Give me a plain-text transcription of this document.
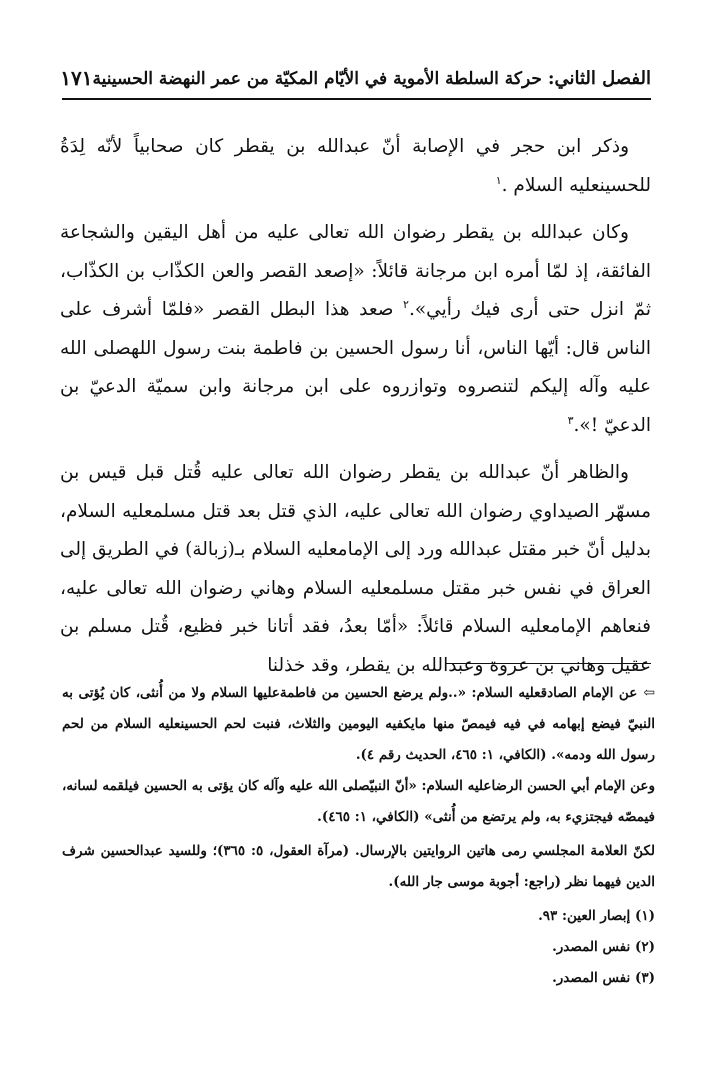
الفصل الثاني: حركة السلطة الأموية في الأيّام المكيّة من عمر النهضة الحسينية
١٧١

وذكر ابن حجر في الإصابة أنّ عبدالله بن يقطر كان صحابياً لأنّه لِدَةُ للحسينعليه السلام .$^١$

وكان عبدالله بن يقطر رضوان الله تعالى عليه من أهل اليقين والشجاعة الفائقة، إذ لمّا أمره ابن مرجانة قائلاً: «إصعد القصر والعن الكذّاب بن الكذّاب، ثمّ انزل حتى أرى فيك رأيي».$^٢$ صعد هذا البطل القصر «فلمّا أشرف على الناس قال: أيّها الناس، أنا رسول الحسين بن فاطمة بنت رسول اللهصلى الله عليه وآله إليكم لتنصروه وتوازروه على ابن مرجانة وابن سميّة الدعيّ بن الدعيّ !».$^٣$

والظاهر أنّ عبدالله بن يقطر رضوان الله تعالى عليه قُتل قبل قيس بن مسهّر الصيداوي رضوان الله تعالى عليه، الذي قتل بعد قتل مسلمعليه السلام، بدليل أنّ خبر مقتل عبدالله ورد إلى الإمامعليه السلام بـ(زبالة) في الطريق إلى العراق في نفس خبر مقتل مسلمعليه السلام وهاني رضوان الله تعالى عليه، فنعاهم الإمامعليه السلام قائلاً: «أمّا بعدُ، فقد أتانا خبر فظيع، قُتل مسلم بن عقيل وهاني بن عروة وعبدالله بن يقطر، وقد خذلنا

⇦عن الإمام الصادقعليه السلام: «..ولم يرضع الحسين من فاطمةعليها السلام ولا من أُنثى، كان يُؤتى به النبيّ فيضع إبهامه في فيه فيمصّ منها مايكفيه اليومين والثلاث، فنبت لحم الحسينعليه السلام من لحم رسول الله ودمه». (الكافي، ١: ٤٦٥، الحديث رقم ٤).

وعن الإمام أبي الحسن الرضاعليه السلام: «أنّ النبيّصلى الله عليه وآله كان يؤتى به الحسين فيلقمه لسانه، فيمصّه فيجتزيء به، ولم يرتضع من أُنثى» (الكافي، ١: ٤٦٥).

لكنّ العلامة المجلسي رمى هاتين الروايتين بالإرسال. (مرآة العقول، ٥: ٣٦٥)؛ وللسيد عبدالحسين شرف الدين فيهما نظر (راجع: أجوبة موسى جار الله).

(١) إبصار العين: ٩٣.

(٢) نفس المصدر.

(٣) نفس المصدر.
